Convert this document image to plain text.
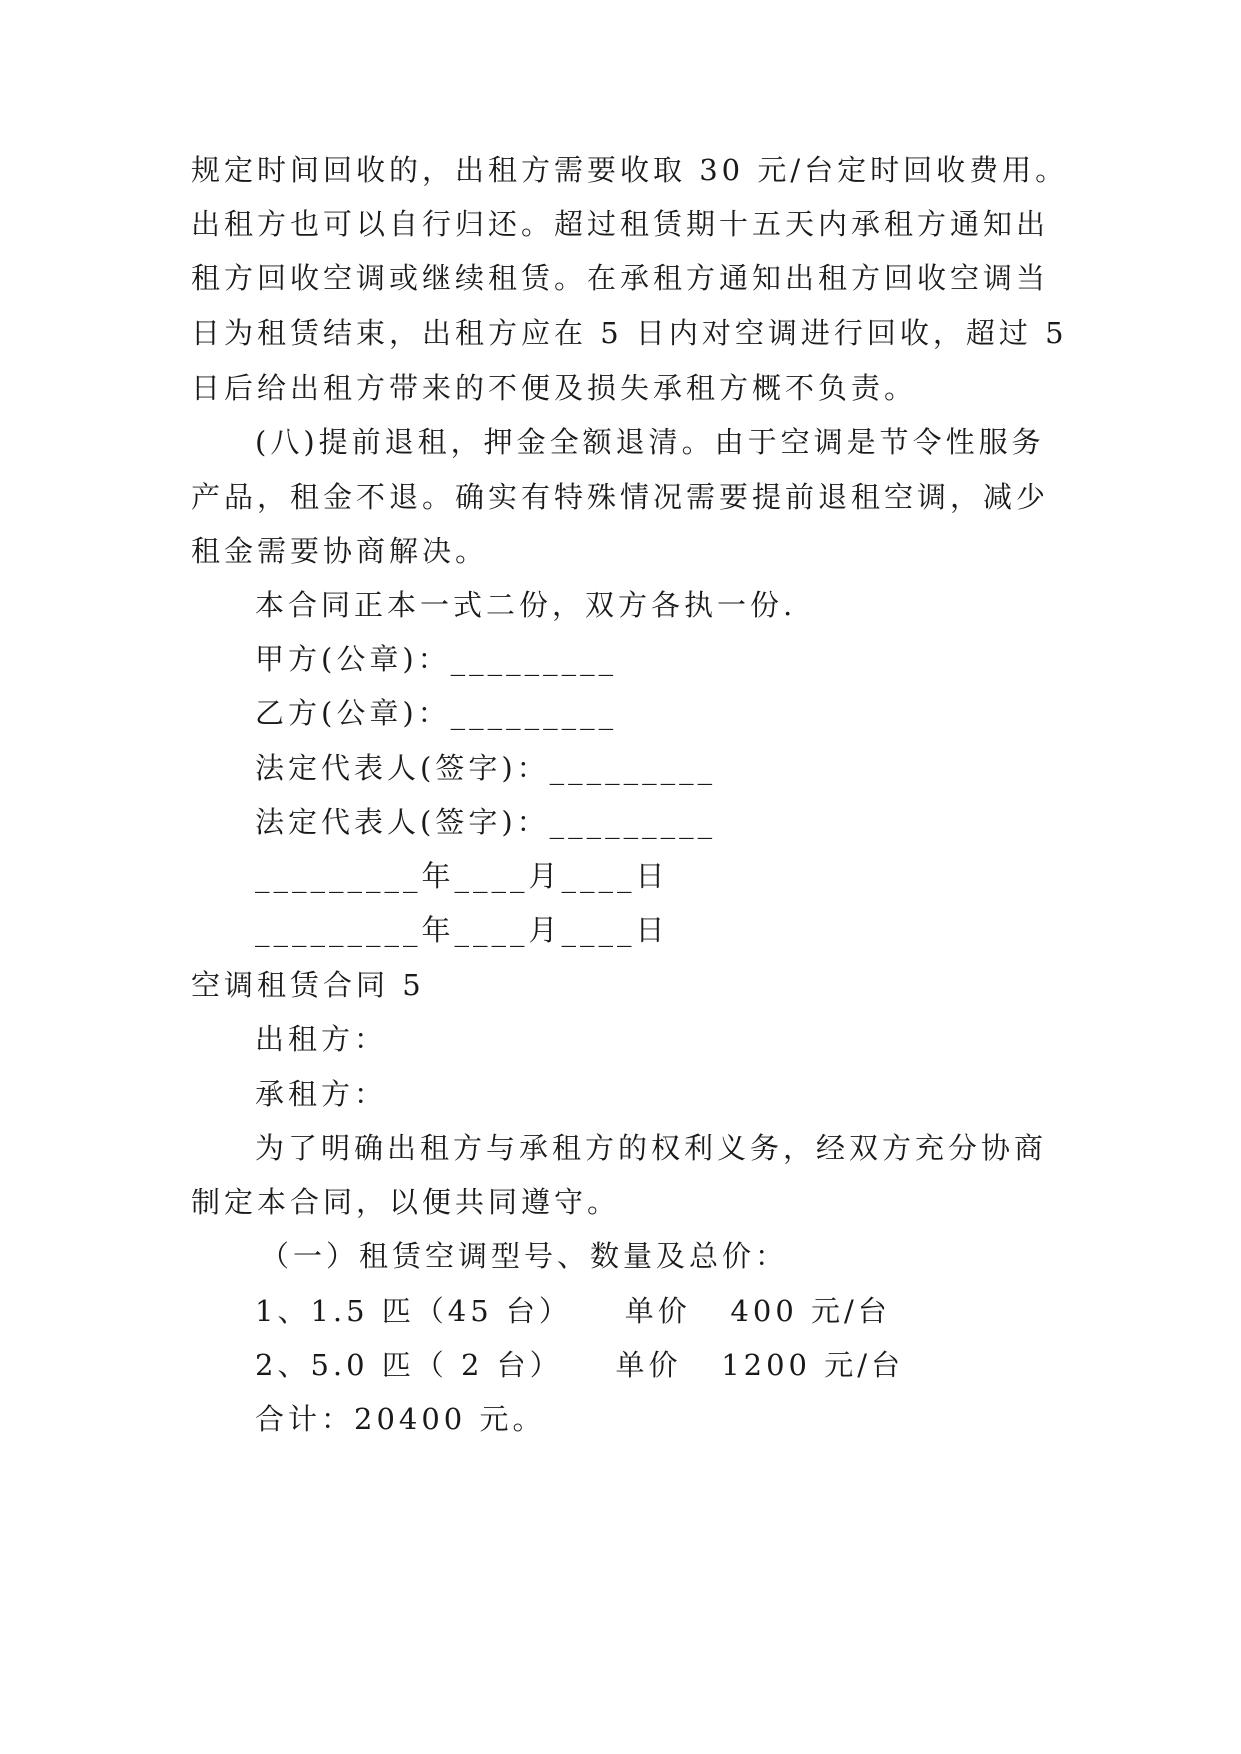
规定时间回收的，出租方需要收取 30 元/台定时回收费用。
出租方也可以自行归还。超过租赁期十五天内承租方通知出
租方回收空调或继续租赁。在承租方通知出租方回收空调当
日为租赁结束，出租方应在 5 日内对空调进行回收，超过 5
日后给出租方带来的不便及损失承租方概不负责。
(八)提前退租，押金全额退清。由于空调是节令性服务
产品，租金不退。确实有特殊情况需要提前退租空调，减少
租金需要协商解决。
本合同正本一式二份，双方各执一份.
甲方(公章)：_________
乙方(公章)：_________
法定代表人(签字)：_________
法定代表人(签字)：_________
_________年____月____日
_________年____月____日
空调租赁合同 5
出租方：
承租方：
为了明确出租方与承租方的权利义务，经双方充分协商
制定本合同，以便共同遵守。
（一）租赁空调型号、数量及总价：
1、1.5 匹（45 台）    单价   400 元/台
2、5.0 匹（ 2 台）    单价   1200 元/台
合计：20400 元。
